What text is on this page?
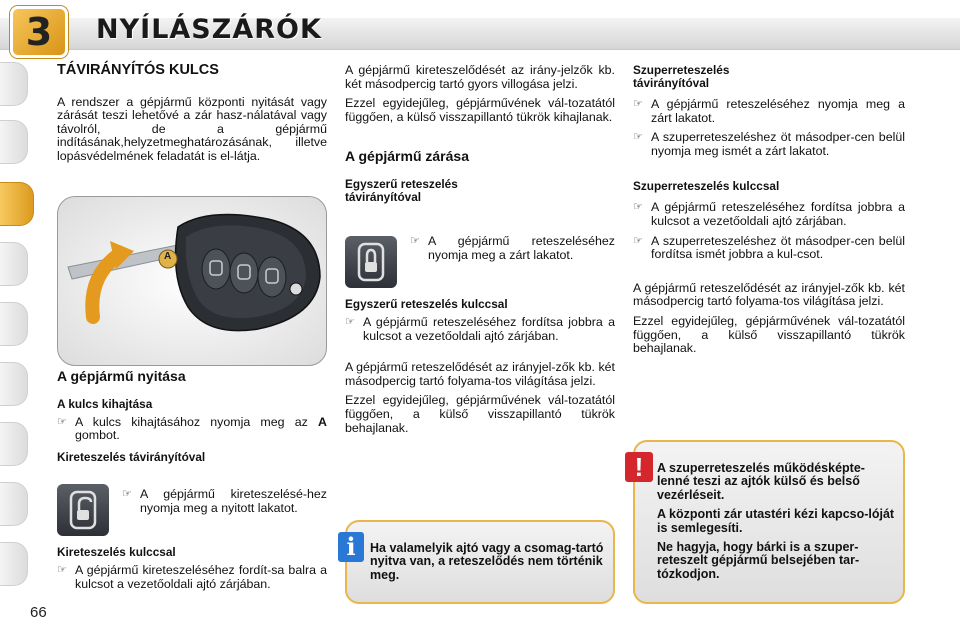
3	NYÍLÁSZÁRÓK
66
TÁVIRÁNYÍTÓS KULCS

A rendszer a gépjármű központi nyitását vagy zárását teszi lehetővé a zár hasz-nálatával vagy távolról, de a gépjármű indításának,helyzetmeghatározásának, illetve lopásvédelmének feladatát is el-látja.

A
A gépjármű nyitása
A kulcs kihajtása
☞ A kulcs kihajtásához nyomja meg az A gombot.
Kireteszelés távirányítóval
☞ A gépjármű kireteszelésé-hez nyomja meg a nyitott lakatot.
Kireteszelés kulccsal
☞ A gépjármű kireteszeléséhez fordít-sa balra a kulcsot a vezetőoldali ajtó zárjában.

A gépjármű kireteszelődését az irány-jelzők kb. két másodpercig tartó gyors villogása jelzi.

Ezzel egyidejűleg, gépjárművének vál-tozatától függően, a külső visszapillantó tükrök kihajlanak.

A gépjármű zárása
Egyszerű reteszelés
távirányítóval
☞ A gépjármű reteszeléséhez nyomja meg a zárt lakatot.
Egyszerű reteszelés kulccsal
☞ A gépjármű reteszeléséhez fordítsa jobbra a kulcsot a vezetőoldali ajtó zárjában.

A gépjármű reteszelődését az irányjel-zők kb. két másodpercig tartó folyama-tos világítása jelzi.

Ezzel egyidejűleg, gépjárművének vál-tozatától függően, a külső visszapillantó tükrök behajlanak.

i	Ha valamelyik ajtó vagy a csomag-tartó nyitva van, a reteszelődés nem történik meg.
Szuperreteszelés
távirányítóval
☞ A gépjármű reteszeléséhez nyomja meg a zárt lakatot.
☞ A szuperreteszeléshez öt másodper-cen belül nyomja meg ismét a zárt lakatot.
Szuperreteszelés kulccsal
☞ A gépjármű reteszeléséhez fordítsa jobbra a kulcsot a vezetőoldali ajtó zárjában.
☞ A szuperreteszeléshez öt másodper-cen belül fordítsa ismét jobbra a kul-csot.

A gépjármű reteszelődését az irányjel-zők kb. két másodpercig tartó folyama-tos világítása jelzi.

Ezzel egyidejűleg, gépjárművének vál-tozatától függően, a külső visszapillantó tükrök behajlanak.

!	A szuperreteszelés működésképte-lenné teszi az ajtók külső és belső vezérléseit.
A központi zár utastéri kézi kapcso-lóját is semlegesíti.
Ne hagyja, hogy bárki is a szuper-reteszelt gépjármű belsejében tar-tózkodjon.
